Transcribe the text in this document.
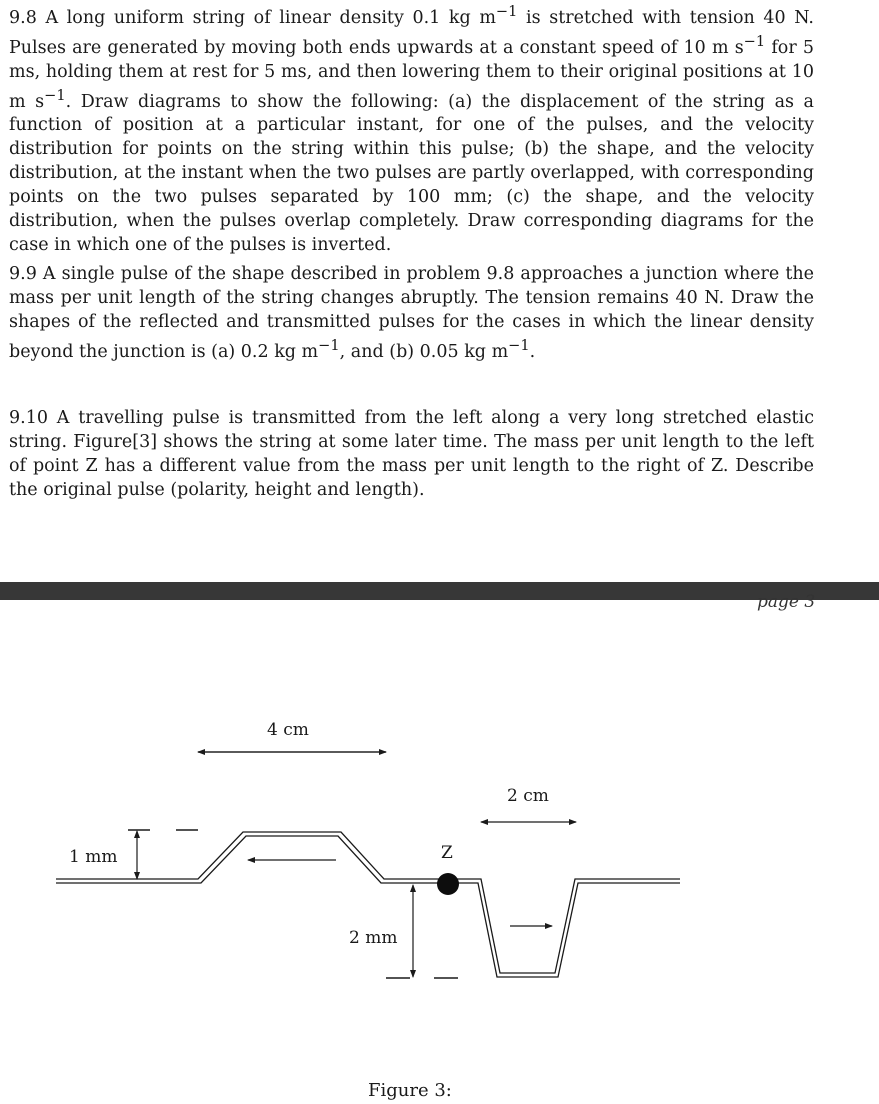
9.8 A long uniform string of linear density 0.1 kg $m^{-1}$ is stretched with tension 40 N. Pulses are generated by moving both ends upwards at a constant speed of 10 m $s^{-1}$ for 5 ms, holding them at rest for 5 ms, and then lowering them to their original positions at 10 m $s^{-1}$. Draw diagrams to show the following: (a) the displacement of the string as a function of position at a particular instant, for one of the pulses, and the velocity distribution for points on the string within this pulse; (b) the shape, and the velocity distribution, at the instant when the two pulses are partly overlapped, with corresponding points on the two pulses separated by 100 mm; (c) the shape, and the velocity distribution, when the pulses overlap completely. Draw corresponding diagrams for the case in which one of the pulses is inverted.

9.9 A single pulse of the shape described in problem 9.8 approaches a junction where the mass per unit length of the string changes abruptly. The tension remains 40 N. Draw the shapes of the reflected and transmitted pulses for the cases in which the linear density beyond the junction is (a) 0.2 kg $m^{-1}$, and (b) 0.05 kg $m^{-1}$.

9.10 A travelling pulse is transmitted from the left along a very long stretched elastic string. Figure[3] shows the string at some later time. The mass per unit length to the left of point Z has a different value from the mass per unit length to the right of Z. Describe the original pulse (polarity, height and length).

page 3
4 cm
1 mm	Z
2 mm
2 cm
Figure 3:
